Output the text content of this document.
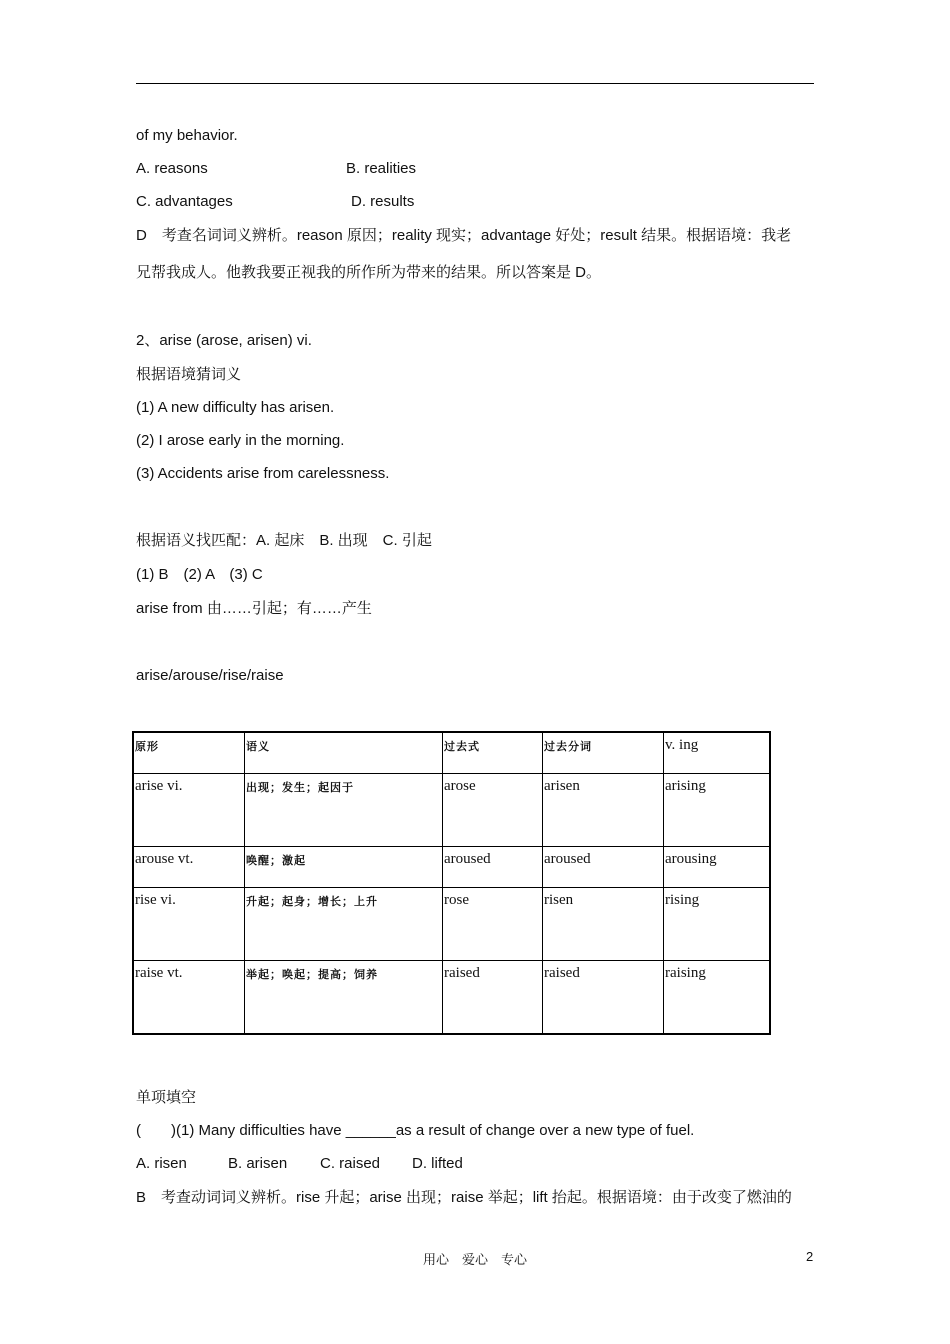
of my behavior.
A. reasons	B. realities
C. advantages	D. results
D　考查名词词义辨析。reason 原因；reality 现实；advantage 好处；result 结果。根据语境：我老
兄帮我成人。他教我要正视我的所作所为带来的结果。所以答案是 D。
2、arise (arose, arisen) vi.
根据语境猜词义
(1) A new difficulty has arisen.
(2) I arose early in the morning.
(3) Accidents arise from carelessness.
根据语义找匹配：A. 起床　B. 出现　C. 引起
(1) B　(2) A　(3) C
arise from 由……引起；有……产生
arise/arouse/rise/raise
原形	语义	过去式	过去分词	v. ing
arise vi.	出现；发生；起因于	arose	arisen	arising
arouse vt.	唤醒；激起	aroused	aroused	arousing
rise vi.	升起；起身；增长；上升	rose	risen	rising
raise vt.	举起；唤起；提高；饲养	raised	raised	raising
单项填空
(　　)(1) Many difficulties have ______as a result of change over a new type of fuel.
A. risen	B. arisen C. raised D. lifted
B　考查动词词义辨析。rise 升起；arise 出现；raise 举起；lift 抬起。根据语境：由于改变了燃油的
用心　爱心　专心	2
